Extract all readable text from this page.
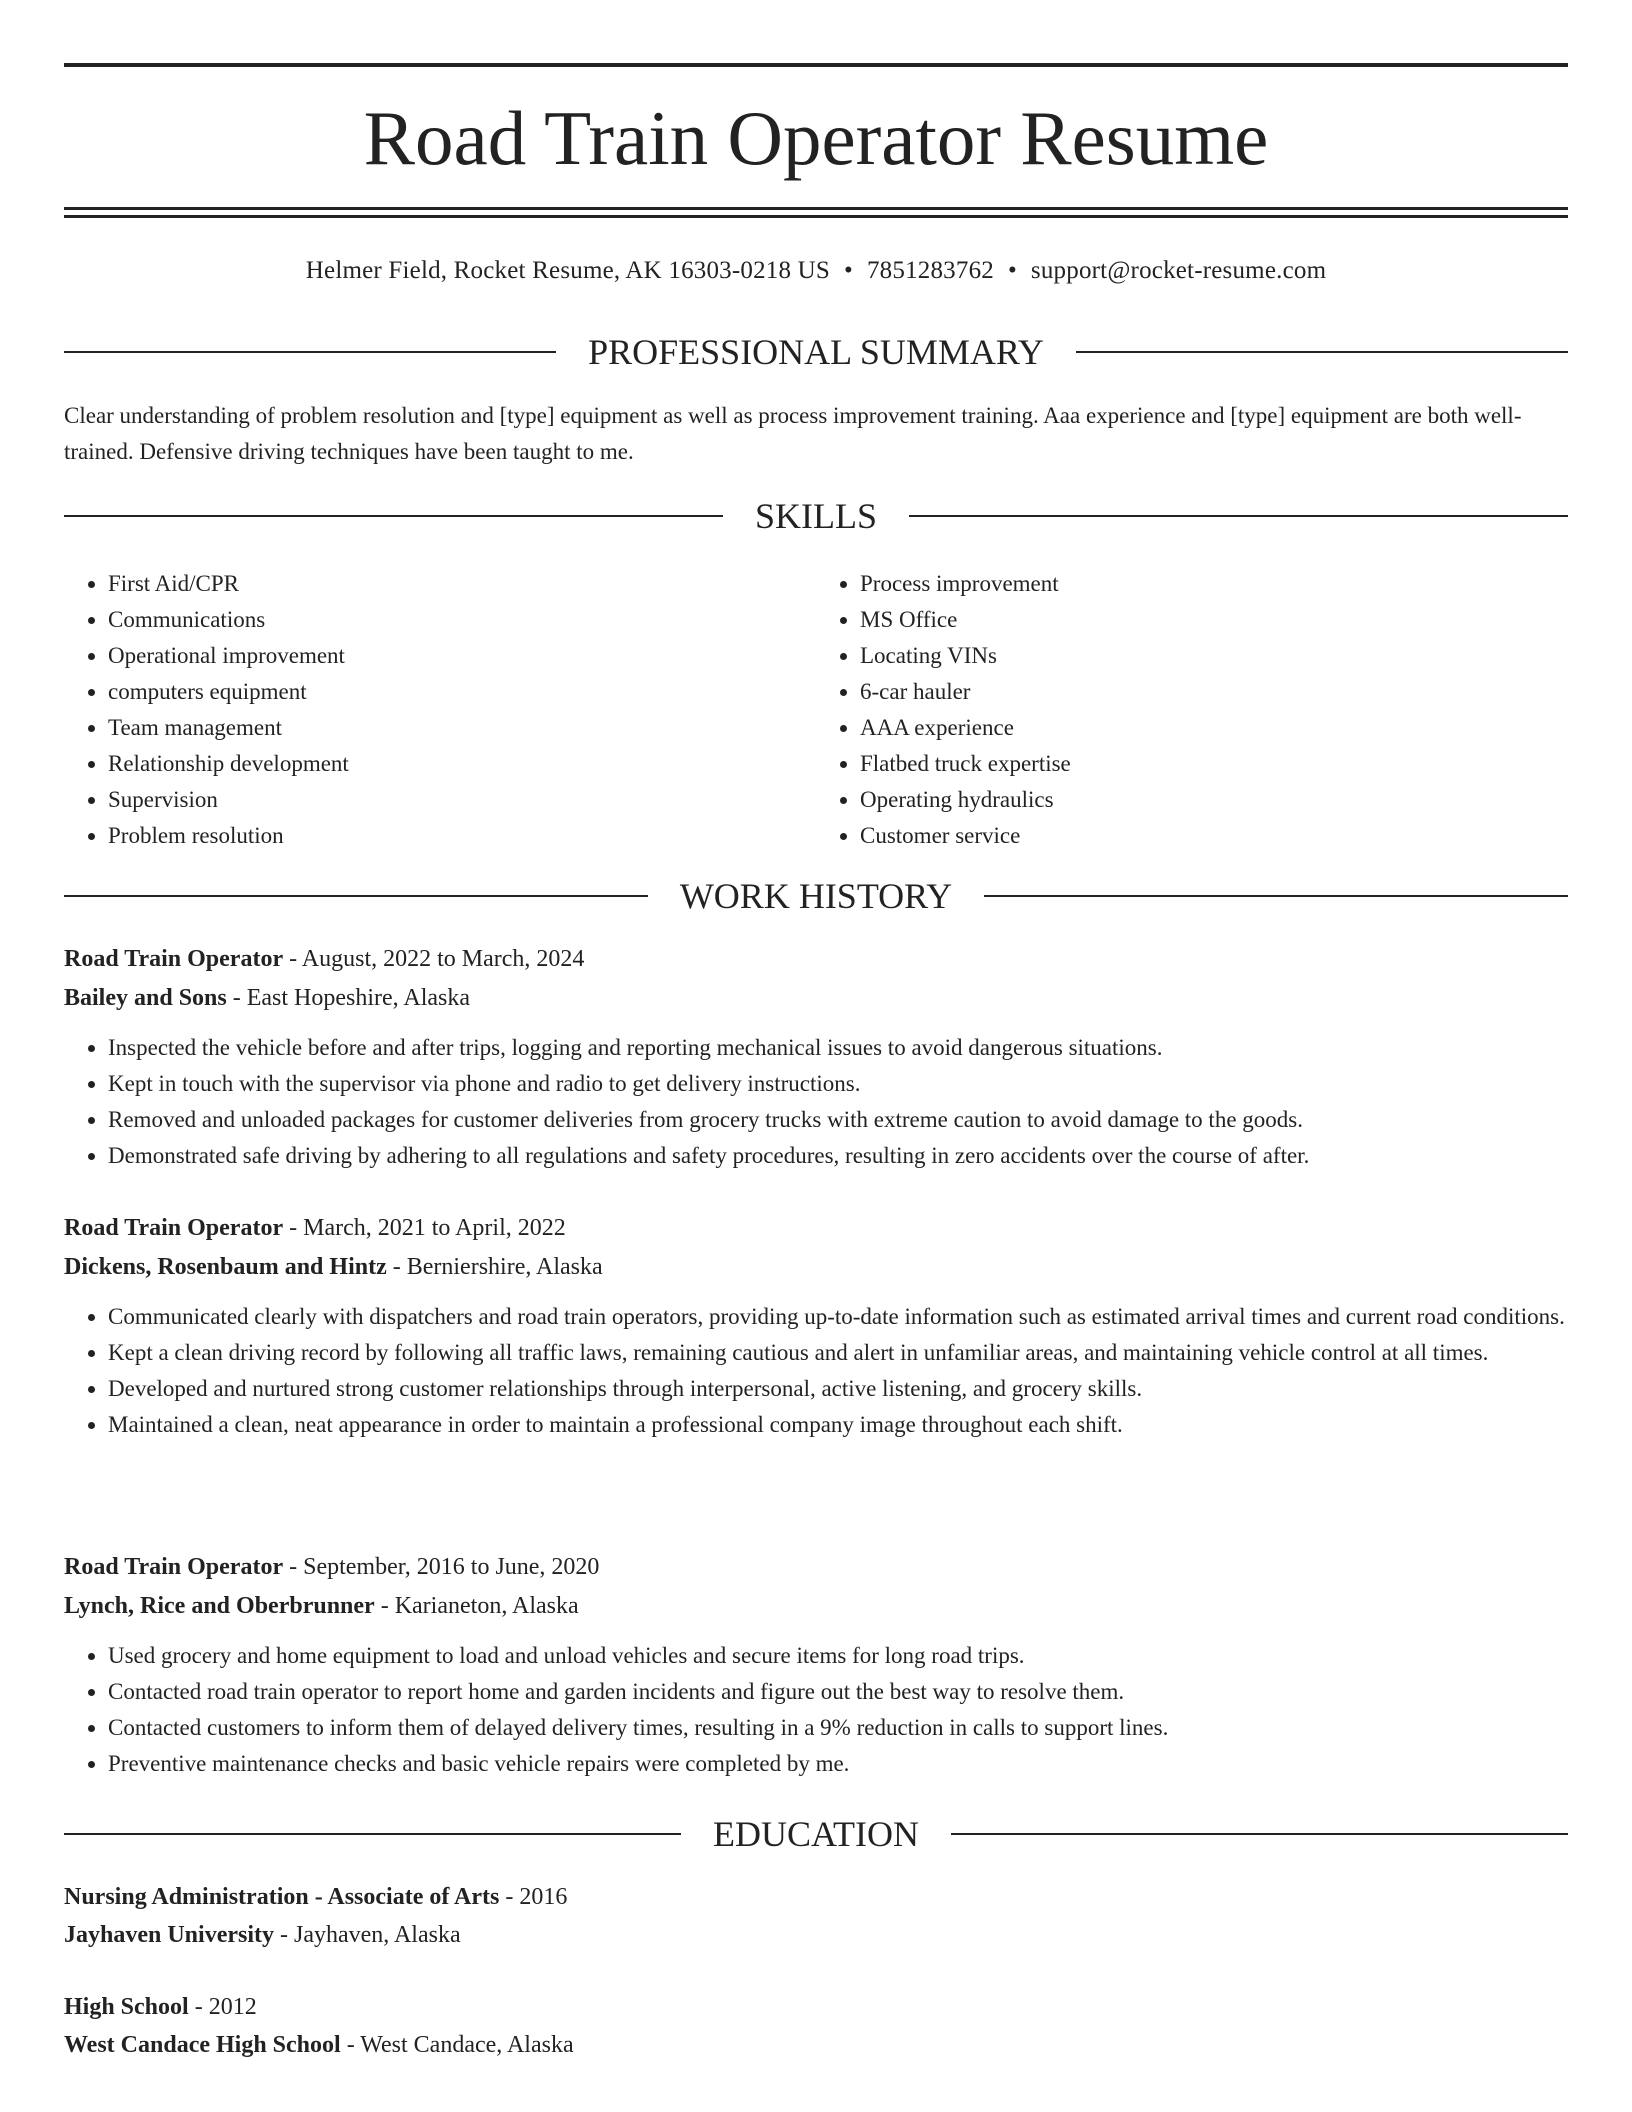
Road Train Operator Resume
Helmer Field, Rocket Resume, AK 16303-0218 US • 7851283762 • support@rocket-resume.com
PROFESSIONAL SUMMARY
Clear understanding of problem resolution and [type] equipment as well as process improvement training. Aaa experience and [type] equipment are both well-trained. Defensive driving techniques have been taught to me.
SKILLS
• First Aid/CPR
• Communications
• Operational improvement
• computers equipment
• Team management
• Relationship development
• Supervision
• Problem resolution
• Process improvement
• MS Office
• Locating VINs
• 6-car hauler
• AAA experience
• Flatbed truck expertise
• Operating hydraulics
• Customer service
WORK HISTORY
Road Train Operator - August, 2022 to March, 2024
Bailey and Sons - East Hopeshire, Alaska
• Inspected the vehicle before and after trips, logging and reporting mechanical issues to avoid dangerous situations.
• Kept in touch with the supervisor via phone and radio to get delivery instructions.
• Removed and unloaded packages for customer deliveries from grocery trucks with extreme caution to avoid damage to the goods.
• Demonstrated safe driving by adhering to all regulations and safety procedures, resulting in zero accidents over the course of after.
Road Train Operator - March, 2021 to April, 2022
Dickens, Rosenbaum and Hintz - Berniershire, Alaska
• Communicated clearly with dispatchers and road train operators, providing up-to-date information such as estimated arrival times and current road conditions.
• Kept a clean driving record by following all traffic laws, remaining cautious and alert in unfamiliar areas, and maintaining vehicle control at all times.
• Developed and nurtured strong customer relationships through interpersonal, active listening, and grocery skills.
• Maintained a clean, neat appearance in order to maintain a professional company image throughout each shift.
Road Train Operator - September, 2016 to June, 2020
Lynch, Rice and Oberbrunner - Karianeton, Alaska
• Used grocery and home equipment to load and unload vehicles and secure items for long road trips.
• Contacted road train operator to report home and garden incidents and figure out the best way to resolve them.
• Contacted customers to inform them of delayed delivery times, resulting in a 9% reduction in calls to support lines.
• Preventive maintenance checks and basic vehicle repairs were completed by me.
EDUCATION
Nursing Administration - Associate of Arts - 2016
Jayhaven University - Jayhaven, Alaska
High School - 2012
West Candace High School - West Candace, Alaska
